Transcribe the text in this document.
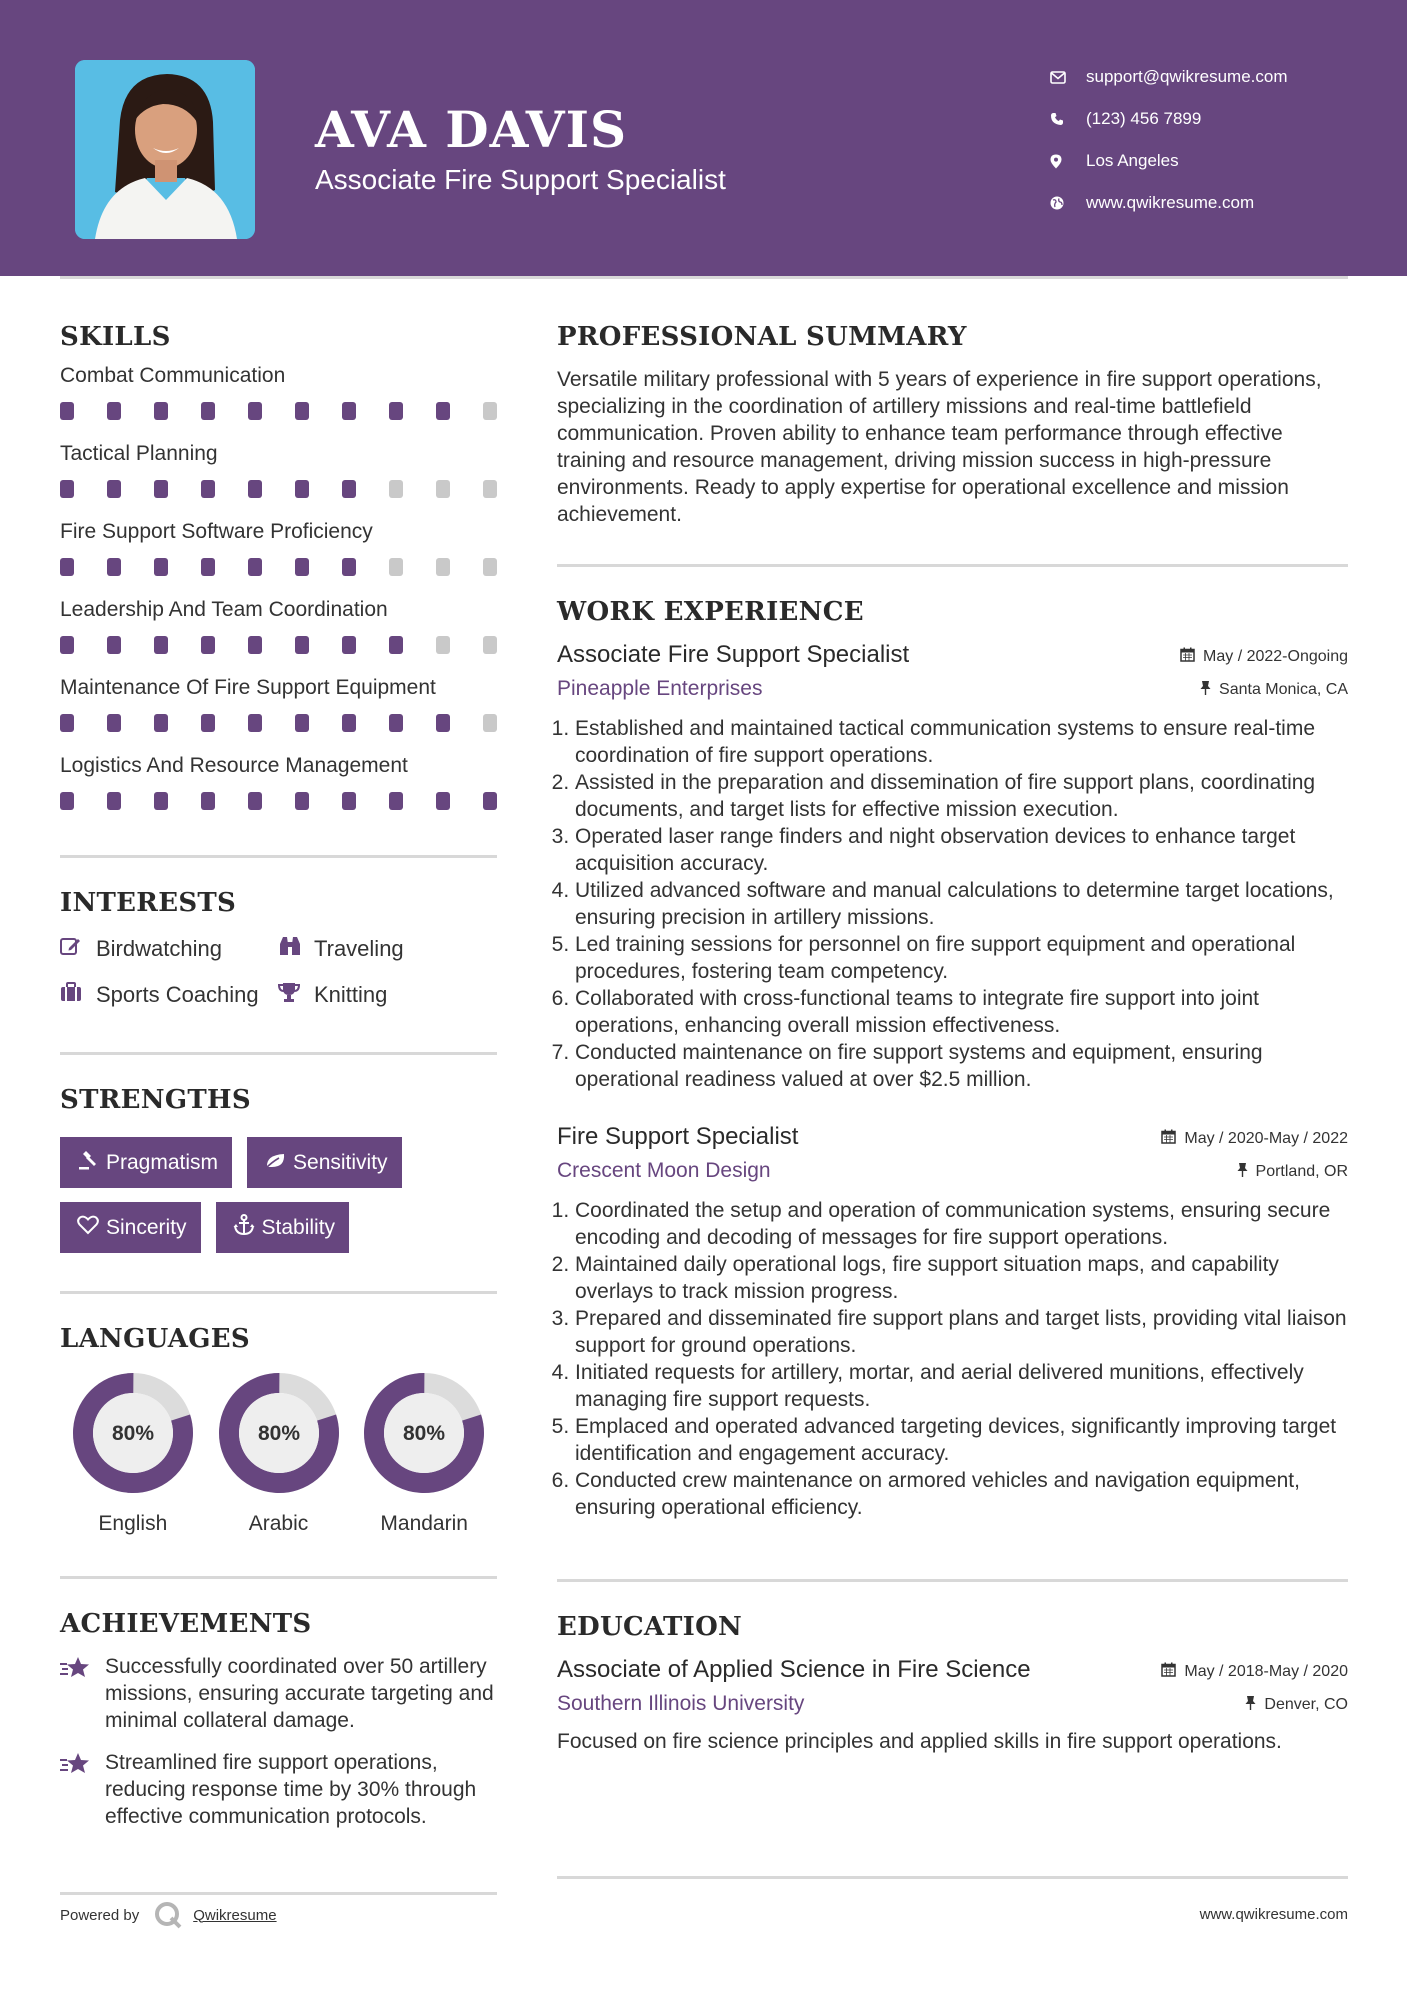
AVA DAVIS
Associate Fire Support Specialist
support@qwikresume.com
(123) 456 7899
Los Angeles
www.qwikresume.com
SKILLS
Combat Communication
Tactical Planning
Fire Support Software Proficiency
Leadership And Team Coordination
Maintenance Of Fire Support Equipment
Logistics And Resource Management
INTERESTS
Birdwatching	Traveling
Sports Coaching	Knitting
STRENGTHS
Pragmatism	Sensitivity
Sincerity	Stability
LANGUAGES
80%
English
80%
Arabic
80%
Mandarin
ACHIEVEMENTS
Successfully coordinated over 50 artillery missions, ensuring accurate targeting and minimal collateral damage.
Streamlined fire support operations, reducing response time by 30% through effective communication protocols.
PROFESSIONAL SUMMARY
Versatile military professional with 5 years of experience in fire support operations, specializing in the coordination of artillery missions and real-time battlefield communication. Proven ability to enhance team performance through effective training and resource management, driving mission success in high-pressure environments. Ready to apply expertise for operational excellence and mission achievement.
WORK EXPERIENCE
Associate Fire Support Specialist	May / 2022-Ongoing
Pineapple Enterprises	Santa Monica, CA
1. Established and maintained tactical communication systems to ensure real-time coordination of fire support operations.
2. Assisted in the preparation and dissemination of fire support plans, coordinating documents, and target lists for effective mission execution.
3. Operated laser range finders and night observation devices to enhance target acquisition accuracy.
4. Utilized advanced software and manual calculations to determine target locations, ensuring precision in artillery missions.
5. Led training sessions for personnel on fire support equipment and operational procedures, fostering team competency.
6. Collaborated with cross-functional teams to integrate fire support into joint operations, enhancing overall mission effectiveness.
7. Conducted maintenance on fire support systems and equipment, ensuring operational readiness valued at over $2.5 million.
Fire Support Specialist	May / 2020-May / 2022
Crescent Moon Design	Portland, OR
1. Coordinated the setup and operation of communication systems, ensuring secure encoding and decoding of messages for fire support operations.
2. Maintained daily operational logs, fire support situation maps, and capability overlays to track mission progress.
3. Prepared and disseminated fire support plans and target lists, providing vital liaison support for ground operations.
4. Initiated requests for artillery, mortar, and aerial delivered munitions, effectively managing fire support requests.
5. Emplaced and operated advanced targeting devices, significantly improving target identification and engagement accuracy.
6. Conducted crew maintenance on armored vehicles and navigation equipment, ensuring operational efficiency.
EDUCATION
Associate of Applied Science in Fire Science	May / 2018-May / 2020
Southern Illinois University	Denver, CO
Focused on fire science principles and applied skills in fire support operations.
Powered by	Qwikresume	www.qwikresume.com
